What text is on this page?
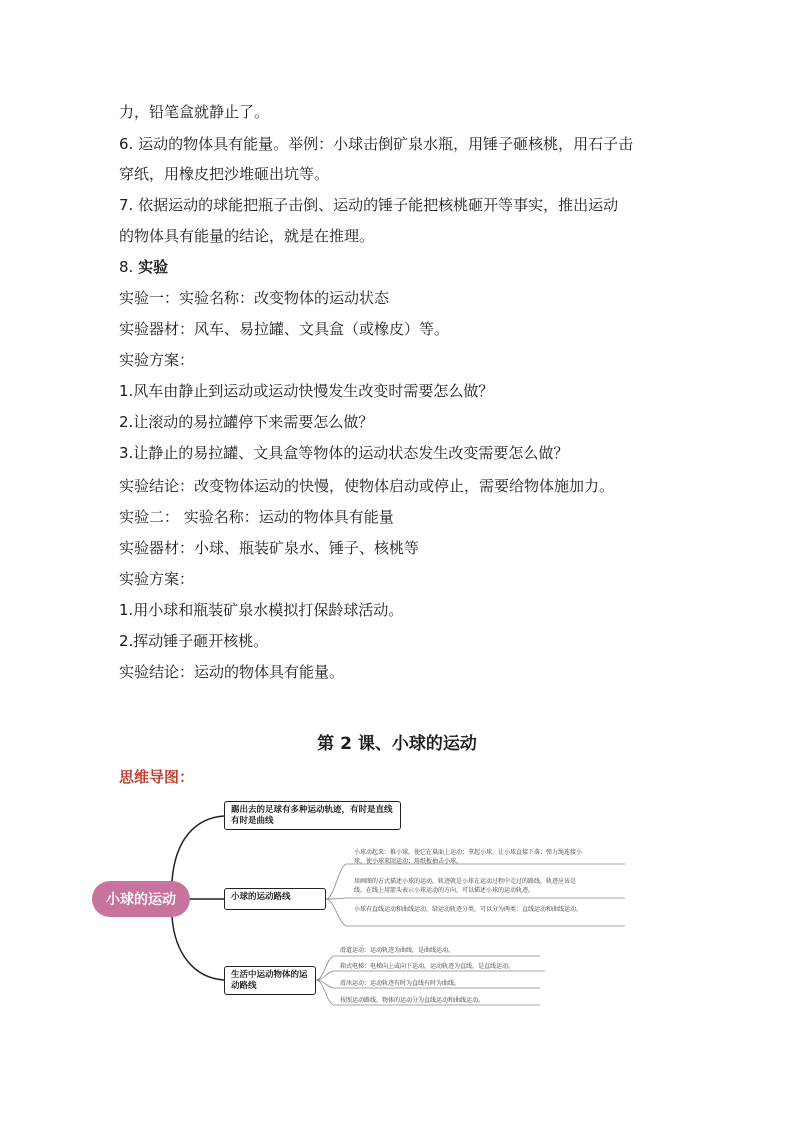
力，铅笔盒就静止了。
6. 运动的物体具有能量。举例：小球击倒矿泉水瓶，用锤子砸核桃，用石子击
穿纸，用橡皮把沙堆砸出坑等。
7. 依据运动的球能把瓶子击倒、运动的锤子能把核桃砸开等事实，推出运动
的物体具有能量的结论，就是在推理。
8. 实验
实验一：实验名称：改变物体的运动状态
实验器材：风车、易拉罐、文具盒（或橡皮）等。
实验方案：
1.风车由静止到运动或运动快慢发生改变时需要怎么做？
2.让滚动的易拉罐停下来需要怎么做？
3.让静止的易拉罐、文具盒等物体的运动状态发生改变需要怎么做？
实验结论：改变物体运动的快慢，使物体启动或停止，需要给物体施加力。
实验二： 实验名称：运动的物体具有能量
实验器材：小球、瓶装矿泉水、锤子、核桃等
实验方案：
1.用小球和瓶装矿泉水模拟打保龄球活动。
2.挥动锤子砸开核桃。
实验结论：运动的物体具有能量。
第 2 课、小球的运动
思维导图：
小球的运动
踢出去的足球有多种运动轨迹，有时是直线有时是曲线
小球的运动路线
生活中运动物体的运动路线
小球动起来：推小球，使它在桌面上运动；拿起小球，让小球直接下落；弹力绳连接小球，使小球来回运动；用纸板抽击小球。
用画图的方式描述小球的运动，轨迹就是小球在运动过程中走过的路线，轨迹应该是线，在线上用箭头表示小球运动的方向，可以描述小球的运动轨迹。
小球有直线运动和曲线运动。给运动轨迹分类，可以分为两类：直线运动和曲线运动。
滑道运动：运动轨迹为曲线，是曲线运动。
箱式电梯：电梯向上或向下运动，运动轨迹为直线，是直线运动。
滑冰运动：运动轨迹有时为直线有时为曲线。
按照运动路线，物体的运动分为直线运动和曲线运动。
